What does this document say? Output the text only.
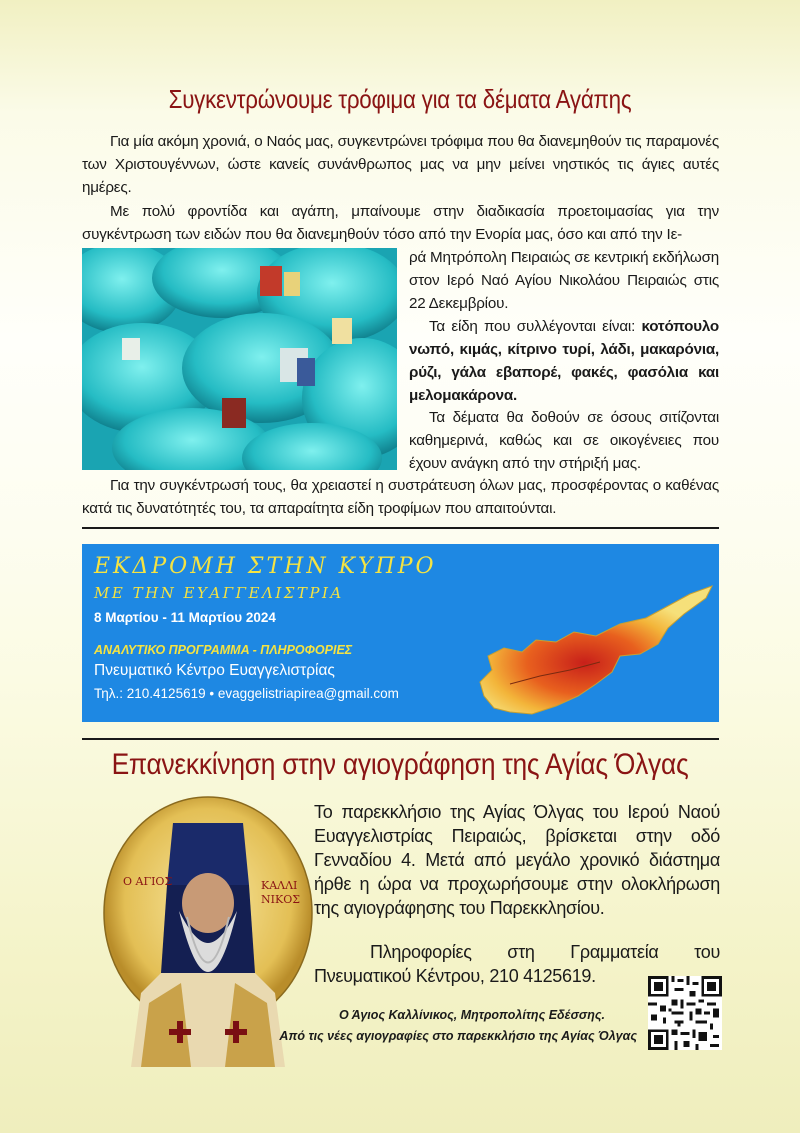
Συγκεντρώνουμε τρόφιμα για τα δέματα Αγάπης

Για μία ακόμη χρονιά, ο Ναός μας, συγκεντρώνει τρόφιμα που θα διανεμηθούν τις παραμονές των Χριστουγέννων, ώστε κανείς συνάνθρωπος μας να μην μείνει νηστικός τις άγιες αυτές ημέρες.

Με πολύ φροντίδα και αγάπη, μπαίνουμε στην διαδικασία προετοιμασίας για την συγκέντρωση των ειδών που θα διανεμηθούν τόσο από την Ενορία μας, όσο και από την Ιε-

ρά Μητρόπολη Πειραιώς σε κεντρική εκδήλωση στον Ιερό Ναό Αγίου Νικολάου Πειραιώς στις 22 Δεκεμβρίου.

Τα είδη που συλλέγονται είναι: κοτόπουλο νωπό, κιμάς, κίτρινο τυρί, λάδι, μακαρόνια, ρύζι, γάλα εβαπορέ, φακές, φασόλια και μελομακάρονα.

Τα δέματα θα δοθούν σε όσους σιτίζονται καθημερινά, καθώς και σε οικογένειες που έχουν ανάγκη από την στήριξή μας.

Για την συγκέντρωσή τους, θα χρειαστεί η συστράτευση όλων μας, προσφέροντας ο καθένας κατά τις δυνατότητές του, τα απαραίτητα είδη τροφίμων που απαιτούνται.

ΕΚΔΡΟΜΗ ΣΤΗΝ ΚΥΠΡΟ
ΜΕ ΤΗΝ ΕΥΑΓΓΕΛΙΣΤΡΙΑ
8 Μαρτίου - 11 Μαρτίου 2024
ΑΝΑΛΥΤΙΚΟ ΠΡΟΓΡΑΜΜΑ - ΠΛΗΡΟΦΟΡΙΕΣ
Πνευματικό Κέντρο Ευαγγελιστρίας
Τηλ.: 210.4125619 • evaggelistriapirea@gmail.com
Επανεκκίνηση στην αγιογράφηση της Αγίας Όλγας
Ο ΑΓΙΟΣ	ΚΑΛΛΙ
ΝΙΚΟΣ

Το παρεκκλήσιο της Αγίας Όλγας του Ιερού Ναού Ευαγγελιστρίας Πειραιώς, βρίσκεται στην οδό Γενναδίου 4. Μετά από μεγάλο χρονικό διάστημα ήρθε η ώρα να προχωρήσουμε στην ολοκλήρωση της αγιογράφησης του Παρεκκλησίου.

Πληροφορίες στη Γραμματεία του Πνευματικού Κέντρου, 210 4125619.

Ο Άγιος Καλλίνικος, Μητροπολίτης Εδέσσης.
Από τις νέες αγιογραφίες στο παρεκκλήσιο της Αγίας Όλγας
